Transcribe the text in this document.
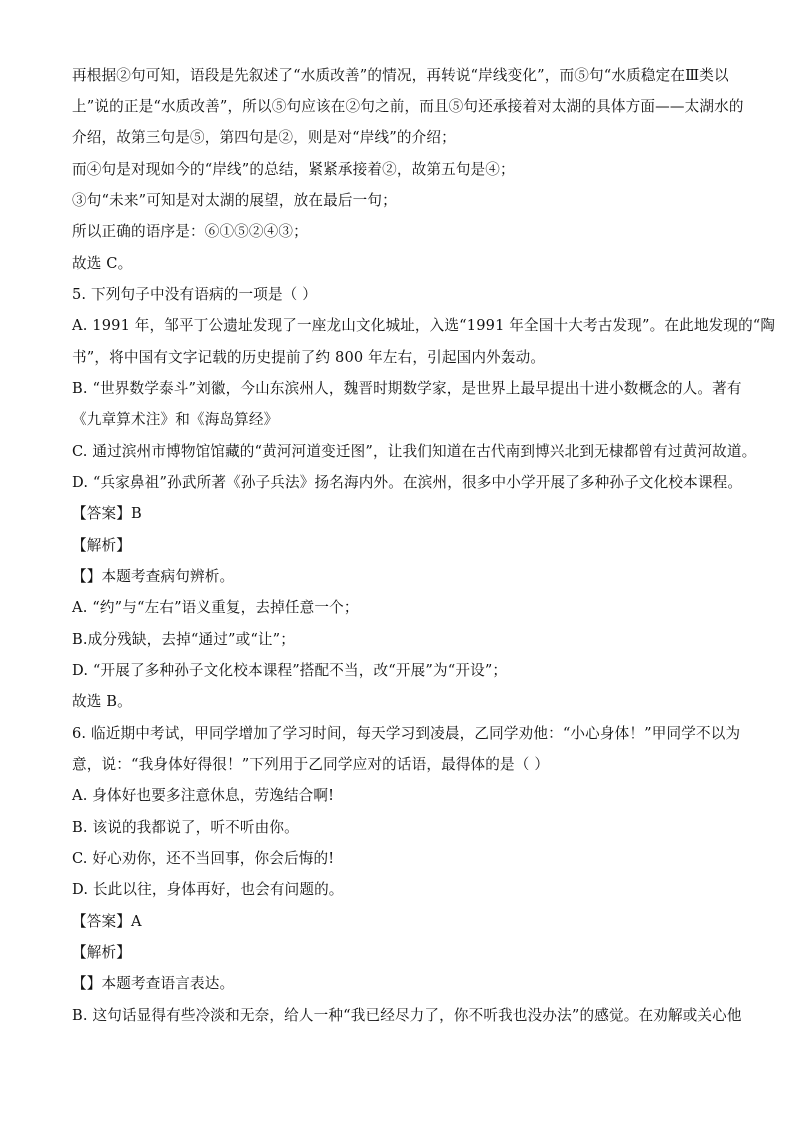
再根据②句可知，语段是先叙述了“水质改善”的情况，再转说“岸线变化”，而⑤句“水质稳定在Ⅲ类以
上”说的正是“水质改善”，所以⑤句应该在②句之前，而且⑤句还承接着对太湖的具体方面——太湖水的
介绍，故第三句是⑤，第四句是②，则是对“岸线”的介绍；
而④句是对现如今的“岸线”的总结，紧紧承接着②，故第五句是④；
③句“未来”可知是对太湖的展望，放在最后一句；
所以正确的语序是：⑥①⑤②④③；
故选 C。
5. 下列句子中没有语病的一项是（ ）
A. 1991 年，邹平丁公遗址发现了一座龙山文化城址，入选“1991 年全国十大考古发现”。在此地发现的“陶
书”，将中国有文字记载的历史提前了约 800 年左右，引起国内外轰动。
B. “世界数学泰斗”刘徽，今山东滨州人，魏晋时期数学家，是世界上最早提出十进小数概念的人。著有
《九章算术注》和《海岛算经》
C. 通过滨州市博物馆馆藏的“黄河河道变迁图”，让我们知道在古代南到博兴北到无棣都曾有过黄河故道。
D. “兵家鼻祖”孙武所著《孙子兵法》扬名海内外。在滨州，很多中小学开展了多种孙子文化校本课程。
【答案】B
【解析】
【】本题考查病句辨析。
A. “约”与“左右”语义重复，去掉任意一个；
B.成分残缺，去掉“通过”或“让”；
D. “开展了多种孙子文化校本课程”搭配不当，改“开展”为“开设”；
故选 B。
6. 临近期中考试，甲同学增加了学习时间，每天学习到凌晨，乙同学劝他：“小心身体！”甲同学不以为
意，说：“我身体好得很！”下列用于乙同学应对的话语，最得体的是（ ）
A. 身体好也要多注意休息，劳逸结合啊!
B. 该说的我都说了，听不听由你。
C. 好心劝你，还不当回事，你会后悔的!
D. 长此以往，身体再好，也会有问题的。
【答案】A
【解析】
【】本题考查语言表达。
B. 这句话显得有些冷淡和无奈，给人一种“我已经尽力了，你不听我也没办法”的感觉。在劝解或关心他
